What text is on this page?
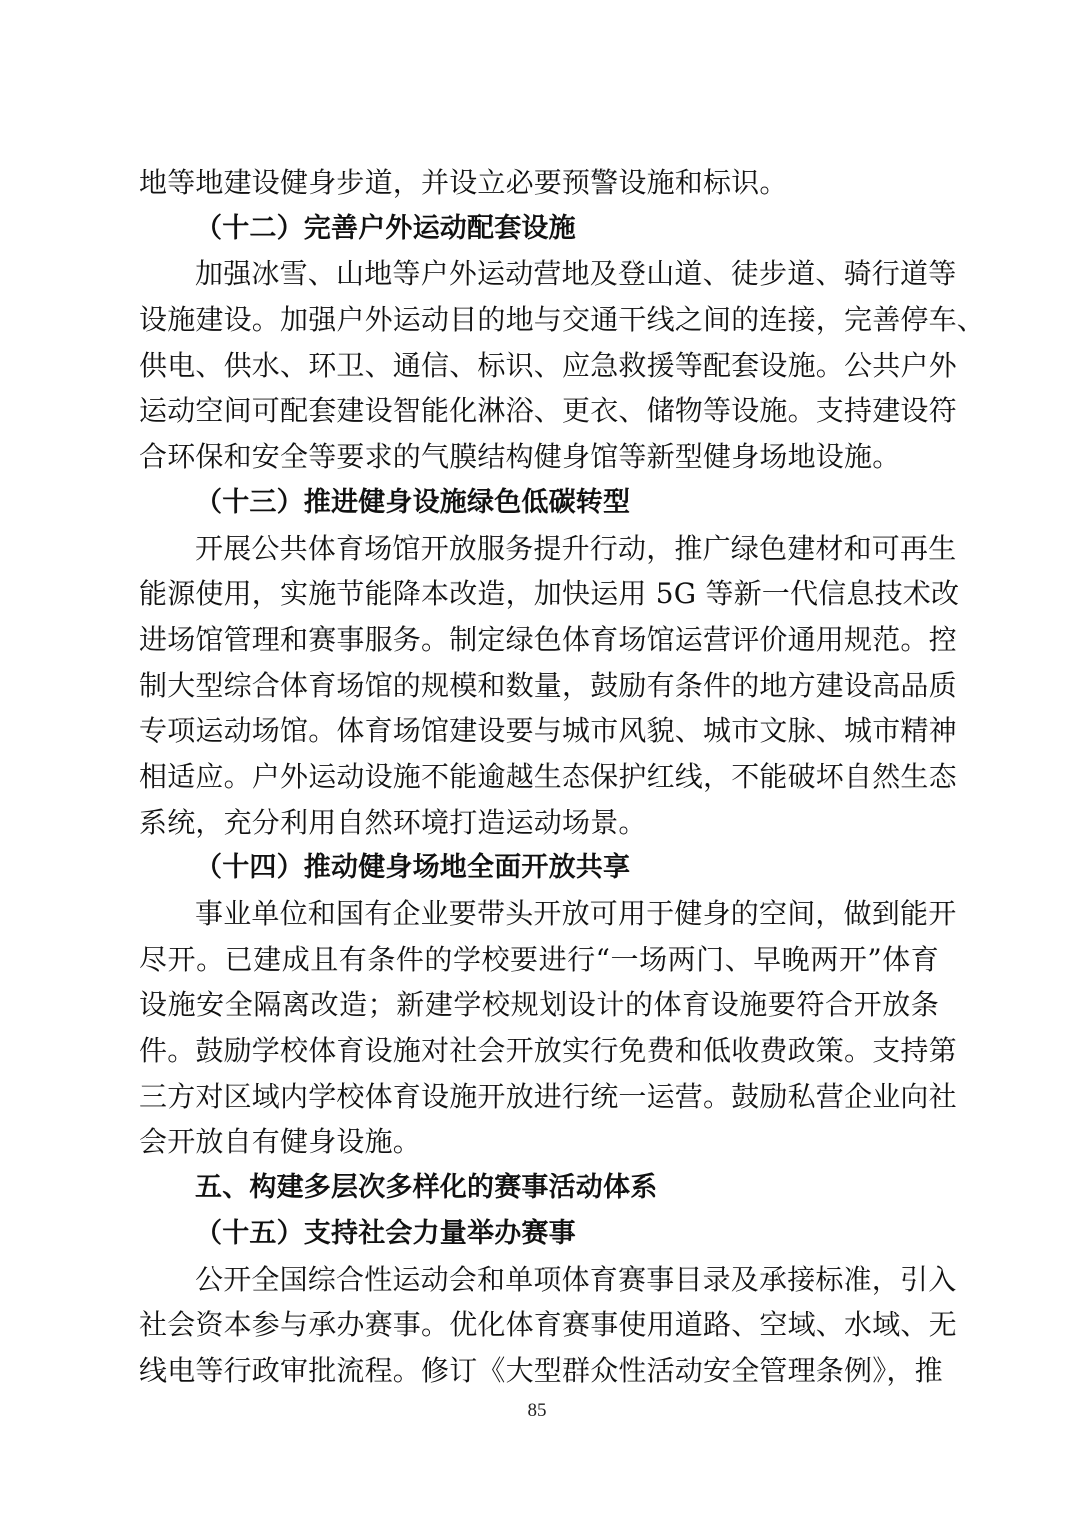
地等地建设健身步道，并设立必要预警设施和标识。
（十二）完善户外运动配套设施
加强冰雪、山地等户外运动营地及登山道、徒步道、骑行道等
设施建设。加强户外运动目的地与交通干线之间的连接，完善停车、
供电、供水、环卫、通信、标识、应急救援等配套设施。公共户外
运动空间可配套建设智能化淋浴、更衣、储物等设施。支持建设符
合环保和安全等要求的气膜结构健身馆等新型健身场地设施。
（十三）推进健身设施绿色低碳转型
开展公共体育场馆开放服务提升行动，推广绿色建材和可再生
能源使用，实施节能降本改造，加快运用 5G 等新一代信息技术改
进场馆管理和赛事服务。制定绿色体育场馆运营评价通用规范。控
制大型综合体育场馆的规模和数量，鼓励有条件的地方建设高品质
专项运动场馆。体育场馆建设要与城市风貌、城市文脉、城市精神
相适应。户外运动设施不能逾越生态保护红线，不能破坏自然生态
系统，充分利用自然环境打造运动场景。
（十四）推动健身场地全面开放共享
事业单位和国有企业要带头开放可用于健身的空间，做到能开
尽开。已建成且有条件的学校要进行“一场两门、早晚两开”体育
设施安全隔离改造；新建学校规划设计的体育设施要符合开放条
件。鼓励学校体育设施对社会开放实行免费和低收费政策。支持第
三方对区域内学校体育设施开放进行统一运营。鼓励私营企业向社
会开放自有健身设施。
五、构建多层次多样化的赛事活动体系
（十五）支持社会力量举办赛事
公开全国综合性运动会和单项体育赛事目录及承接标准，引入
社会资本参与承办赛事。优化体育赛事使用道路、空域、水域、无
线电等行政审批流程。修订《大型群众性活动安全管理条例》，推
85
